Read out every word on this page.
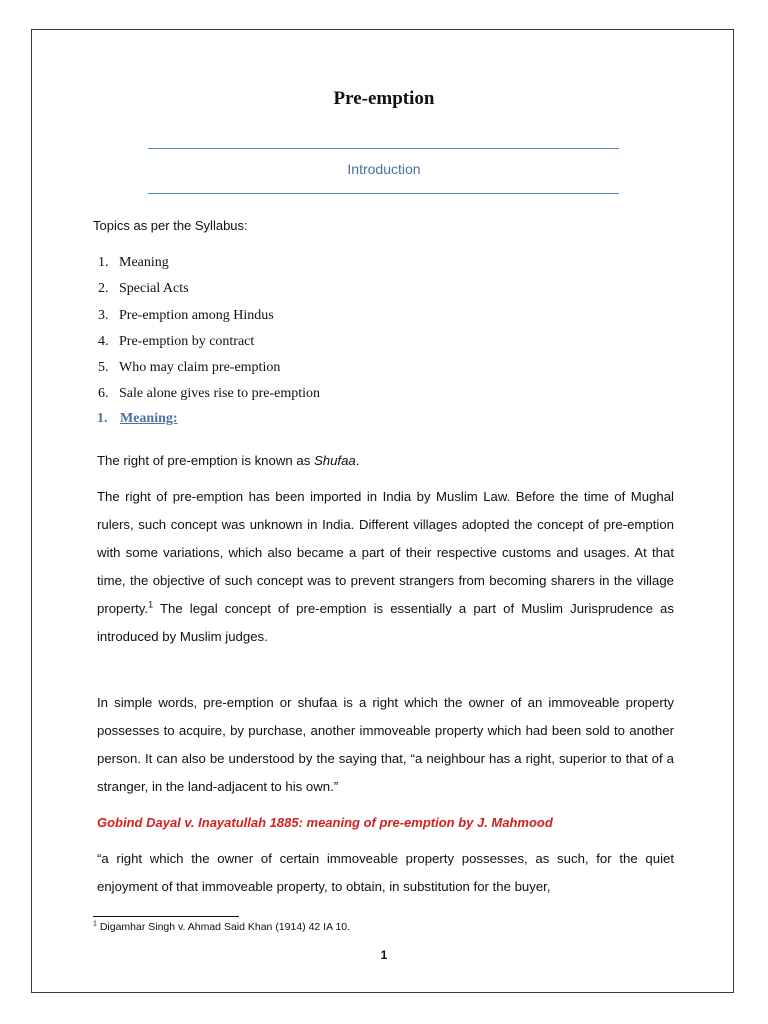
Pre-emption
Introduction
Topics as per the Syllabus:
1. Meaning
2. Special Acts
3. Pre-emption among Hindus
4. Pre-emption by contract
5. Who may claim pre-emption
6. Sale alone gives rise to pre-emption
1. Meaning:
The right of pre-emption is known as Shufaa.
The right of pre-emption has been imported in India by Muslim Law. Before the time of Mughal rulers, such concept was unknown in India. Different villages adopted the concept of pre-emption with some variations, which also became a part of their respective customs and usages. At that time, the objective of such concept was to prevent strangers from becoming sharers in the village property.$^1$ The legal concept of pre-emption is essentially a part of Muslim Jurisprudence as introduced by Muslim judges.
In simple words, pre-emption or shufaa is a right which the owner of an immoveable property possesses to acquire, by purchase, another immoveable property which had been sold to another person. It can also be understood by the saying that, “a neighbour has a right, superior to that of a stranger, in the land-adjacent to his own.”
Gobind Dayal v. Inayatullah 1885: meaning of pre-emption by J. Mahmood
“a right which the owner of certain immoveable property possesses, as such, for the quiet enjoyment of that immoveable property, to obtain, in substitution for the buyer,
$^1$ Digamhar Singh v. Ahmad Said Khan (1914) 42 IA 10.
1
